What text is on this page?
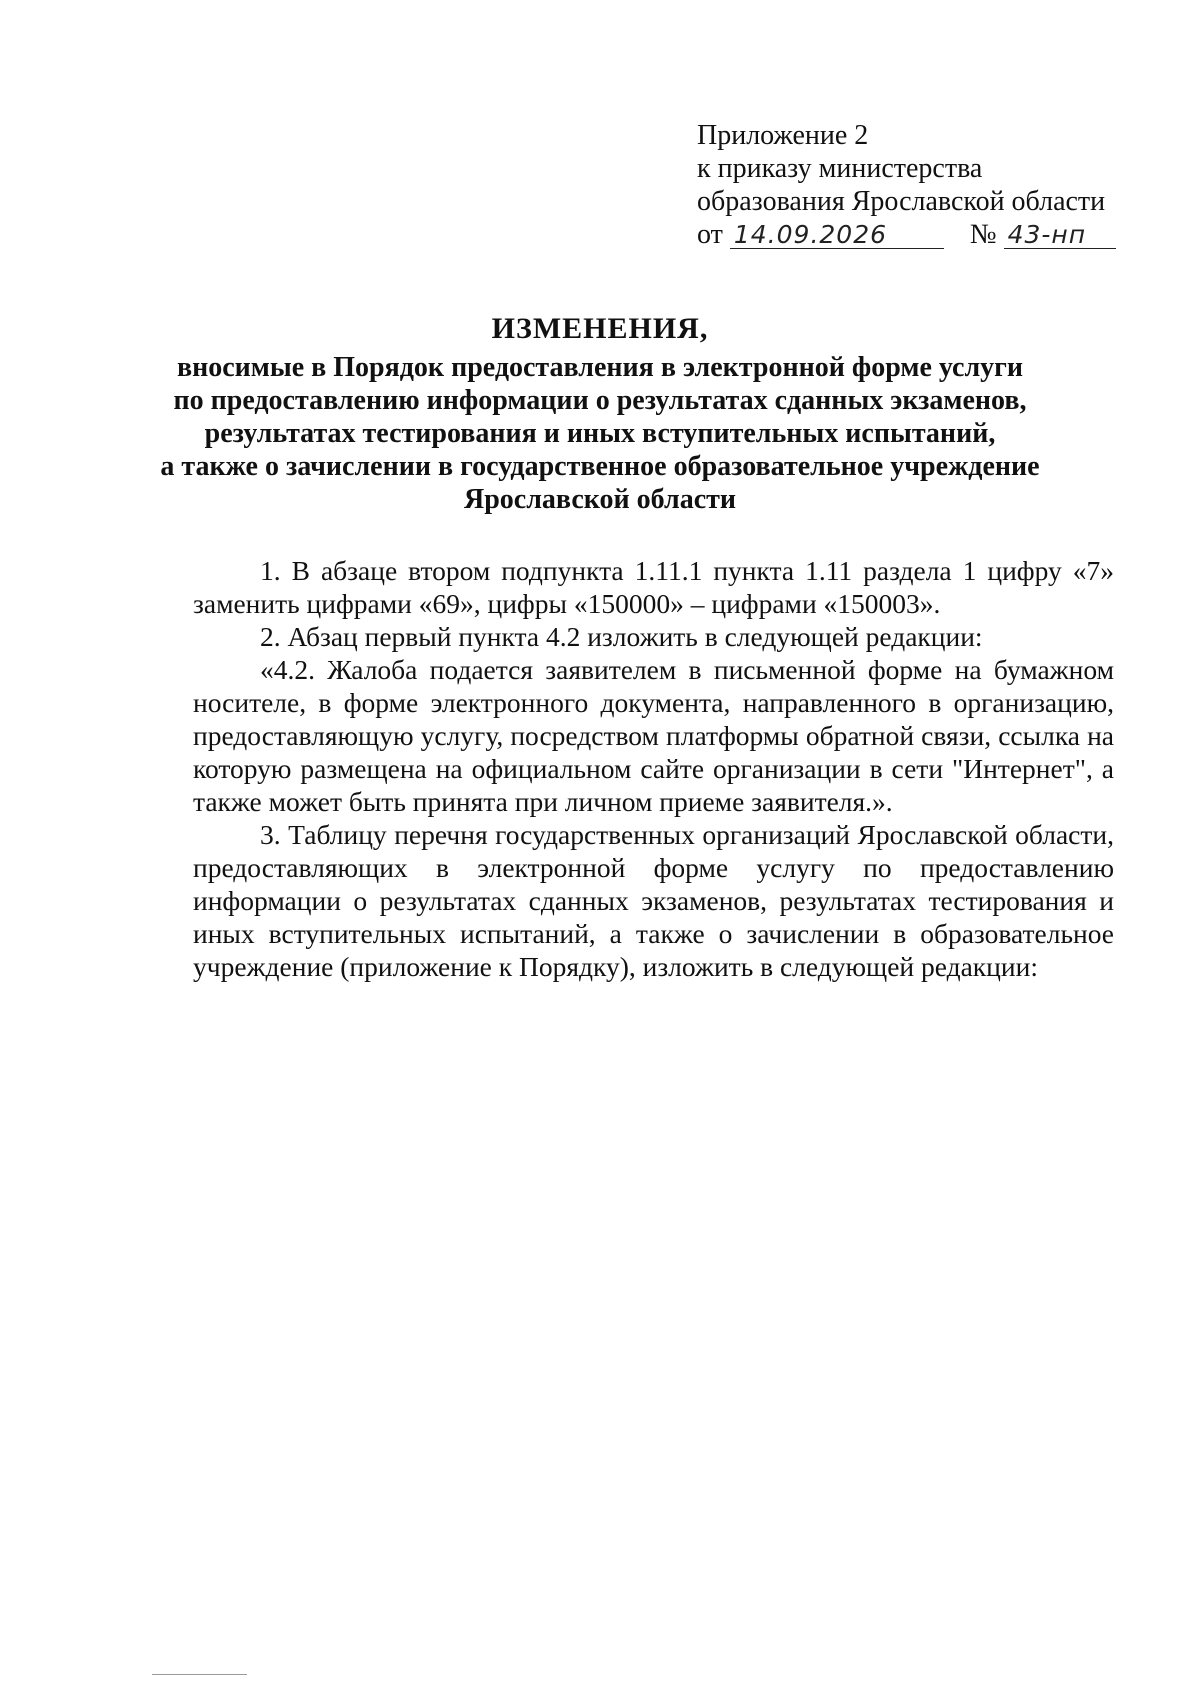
Приложение 2
к приказу министерства
образования Ярославской области
от 14.09.2026	№ 43-нп
ИЗМЕНЕНИЯ,
вносимые в Порядок предоставления в электронной форме услуги
по предоставлению информации о результатах сданных экзаменов,
результатах тестирования и иных вступительных испытаний,
а также о зачислении в государственное образовательное учреждение
Ярославской области

1. В абзаце втором подпункта 1.11.1 пункта 1.11 раздела 1 цифру «7» заменить цифрами «69», цифры «150000» – цифрами «150003».

2. Абзац первый пункта 4.2 изложить в следующей редакции:

«4.2. Жалоба подается заявителем в письменной форме на бумажном носителе, в форме электронного документа, направленного в организацию, предоставляющую услугу, посредством платформы обратной связи, ссылка на которую размещена на официальном сайте организации в сети "Интернет", а также может быть принята при личном приеме заявителя.».

3. Таблицу перечня государственных организаций Ярославской области, предоставляющих в электронной форме услугу по предоставлению информации о результатах сданных экзаменов, результатах тестирования и иных вступительных испытаний, а также о зачислении в образовательное учреждение (приложение к Порядку), изложить в следующей редакции:
